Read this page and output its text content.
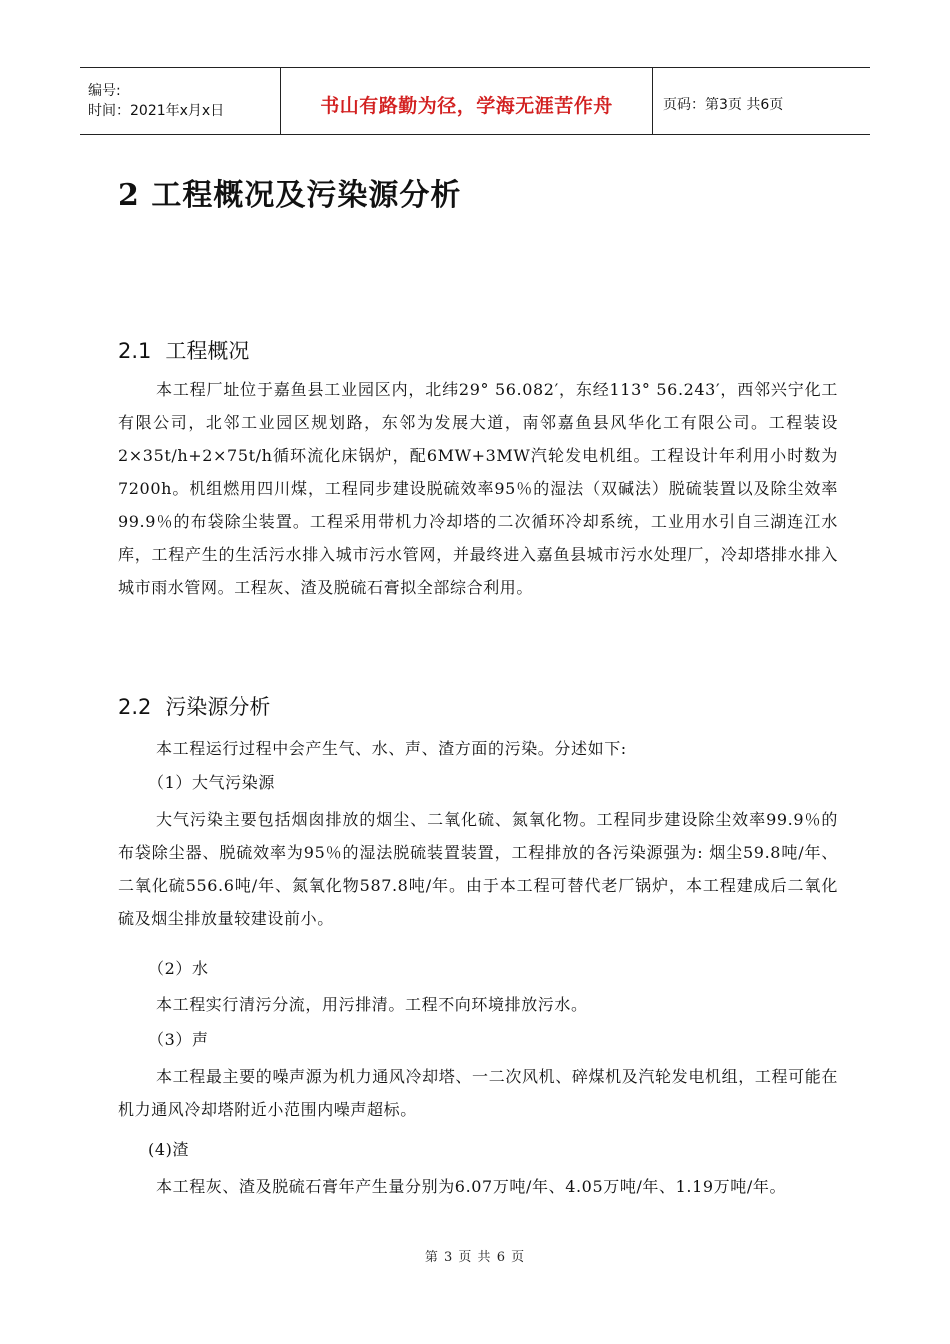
编号:
时间：2021年x月x日	书山有路勤为径，学海无涯苦作舟	页码：第3页 共6页
2 工程概况及污染源分析
2.1 工程概况

本工程厂址位于嘉鱼县工业园区内，北纬29° 56.082′，东经113° 56.243′，西邻兴宁化工有限公司，北邻工业园区规划路，东邻为发展大道，南邻嘉鱼县风华化工有限公司。工程装设2×35t/h+2×75t/h循环流化床锅炉，配6MW+3MW汽轮发电机组。工程设计年利用小时数为7200h。机组燃用四川煤，工程同步建设脱硫效率95％的湿法（双碱法）脱硫装置以及除尘效率99.9％的布袋除尘装置。工程采用带机力冷却塔的二次循环冷却系统，工业用水引自三湖连江水库，工程产生的生活污水排入城市污水管网，并最终进入嘉鱼县城市污水处理厂，冷却塔排水排入城市雨水管网。工程灰、渣及脱硫石膏拟全部综合利用。

2.2 污染源分析

本工程运行过程中会产生气、水、声、渣方面的污染。分述如下:

（1）大气污染源

大气污染主要包括烟囱排放的烟尘、二氧化硫、氮氧化物。工程同步建设除尘效率99.9％的布袋除尘器、脱硫效率为95％的湿法脱硫装置装置，工程排放的各污染源强为: 烟尘59.8吨/年、二氧化硫556.6吨/年、氮氧化物587.8吨/年。由于本工程可替代老厂锅炉，本工程建成后二氧化硫及烟尘排放量较建设前小。

（2）水

本工程实行清污分流，用污排清。工程不向环境排放污水。

（3）声

本工程最主要的噪声源为机力通风冷却塔、一二次风机、碎煤机及汽轮发电机组，工程可能在机力通风冷却塔附近小范围内噪声超标。

(4)渣

本工程灰、渣及脱硫石膏年产生量分别为6.07万吨/年、4.05万吨/年、1.19万吨/年。

第 3 页 共 6 页
